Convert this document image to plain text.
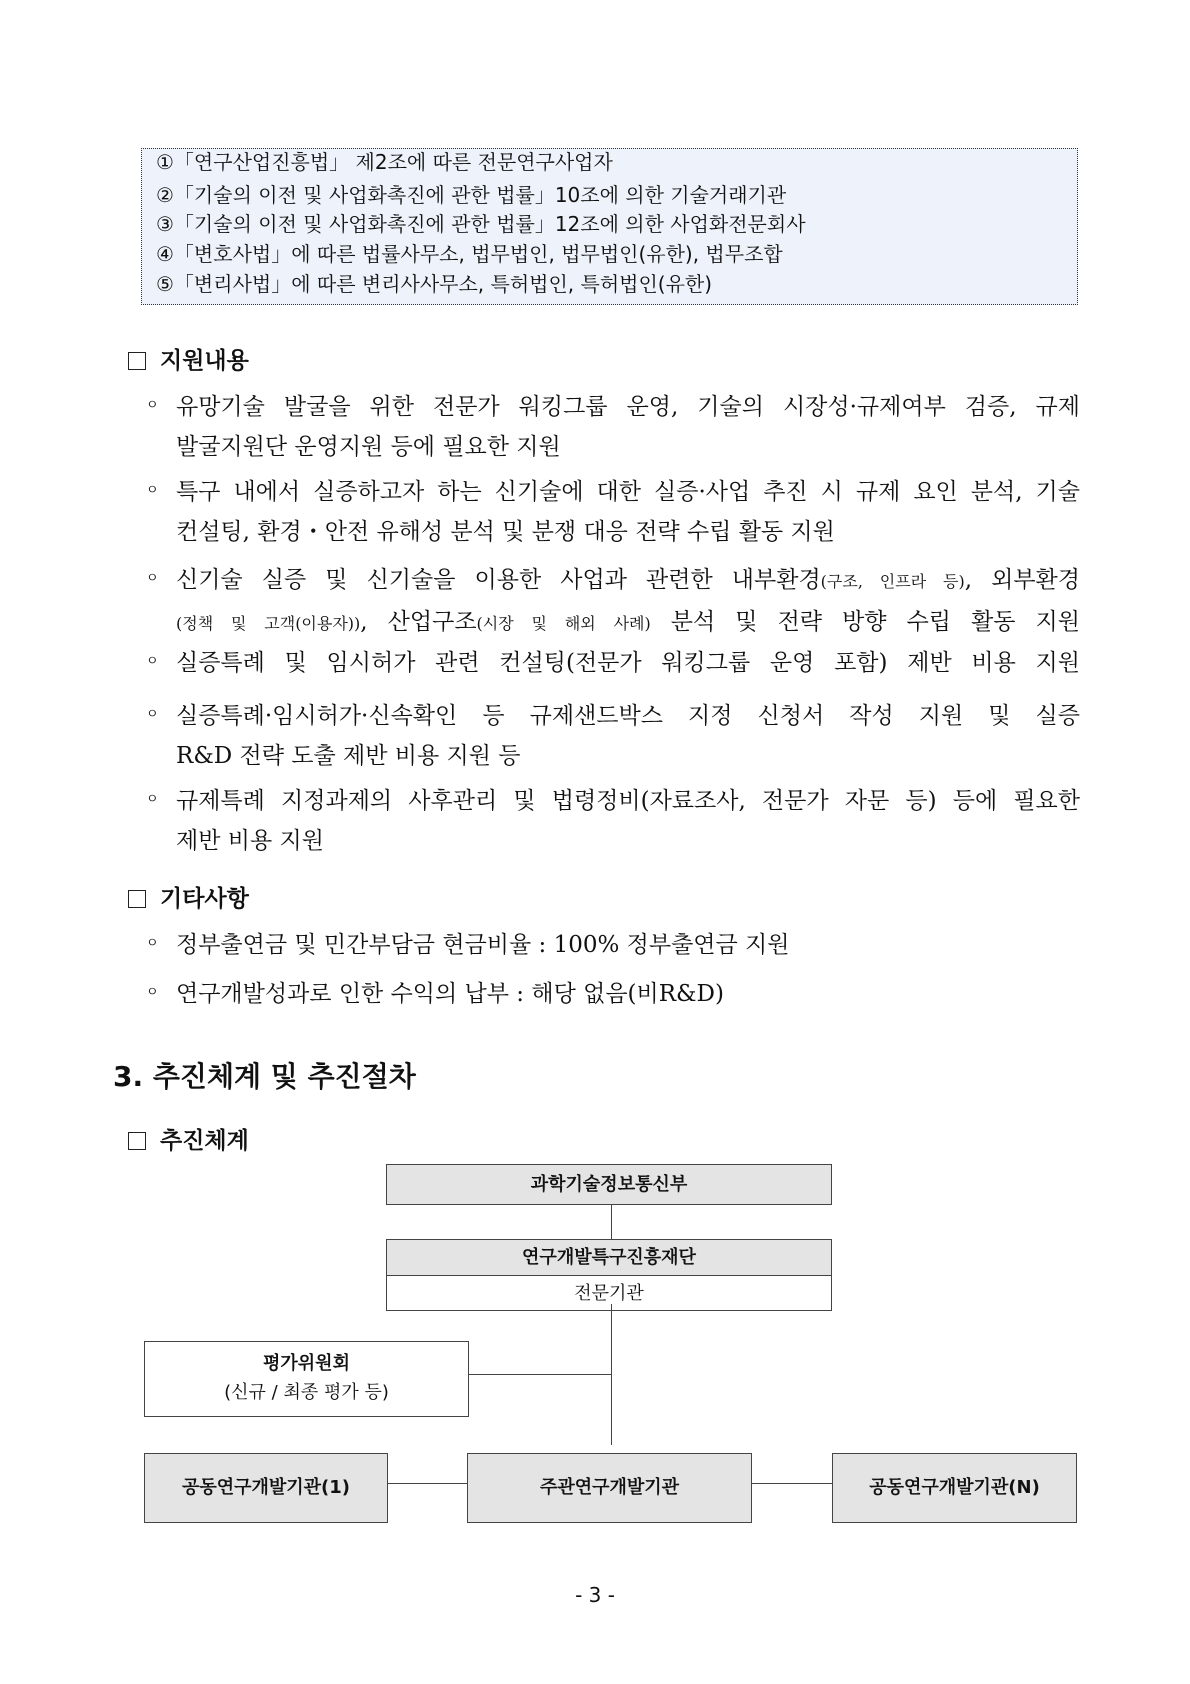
①「연구산업진흥법」 제2조에 따른 전문연구사업자
②「기술의 이전 및 사업화촉진에 관한 법률」10조에 의한 기술거래기관
③「기술의 이전 및 사업화촉진에 관한 법률」12조에 의한 사업화전문회사
④「변호사법」에 따른 법률사무소, 법무법인, 법무법인(유한), 법무조합
⑤「변리사법」에 따른 변리사사무소, 특허법인, 특허법인(유한)
지원내용
ㅇ 유망기술 발굴을 위한 전문가 워킹그룹 운영, 기술의 시장성·규제여부 검증, 규제
발굴지원단 운영지원 등에 필요한 지원
ㅇ 특구 내에서 실증하고자 하는 신기술에 대한 실증·사업 추진 시 규제 요인 분석, 기술
컨설팅, 환경・안전 유해성 분석 및 분쟁 대응 전략 수립 활동 지원
ㅇ 신기술 실증 및 신기술을 이용한 사업과 관련한 내부환경(구조, 인프라 등), 외부환경
(정책 및 고객(이용자)), 산업구조(시장 및 해외 사례) 분석 및 전략 방향 수립 활동 지원
ㅇ 실증특례 및 임시허가 관련 컨설팅(전문가 워킹그룹 운영 포함) 제반 비용 지원
ㅇ 실증특례·임시허가·신속확인 등 규제샌드박스 지정 신청서 작성 지원 및 실증
R&D 전략 도출 제반 비용 지원 등
ㅇ 규제특례 지정과제의 사후관리 및 법령정비(자료조사, 전문가 자문 등) 등에 필요한
제반 비용 지원
기타사항
ㅇ 정부출연금 및 민간부담금 현금비율 : 100% 정부출연금 지원
ㅇ 연구개발성과로 인한 수익의 납부 : 해당 없음(비R&D)
3. 추진체계 및 추진절차
추진체계
과학기술정보통신부
연구개발특구진흥재단
전문기관
평가위원회
(신규 / 최종 평가 등)
공동연구개발기관(1)	주관연구개발기관	공동연구개발기관(N)
- 3 -
